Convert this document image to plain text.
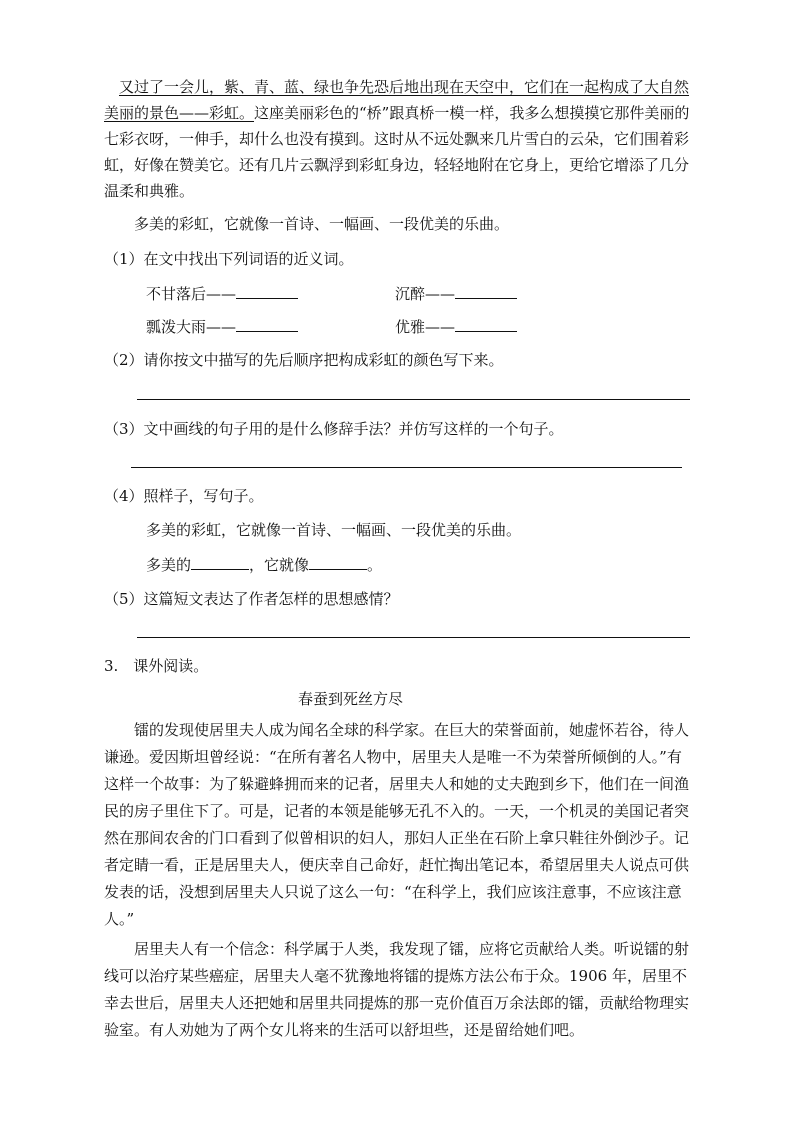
又过了一会儿，紫、青、蓝、绿也争先恐后地出现在天空中，它们在一起构成了大自然美丽的景色——彩虹。这座美丽彩色的“桥”跟真桥一模一样，我多么想摸摸它那件美丽的七彩衣呀，一伸手，却什么也没有摸到。这时从不远处飘来几片雪白的云朵，它们围着彩虹，好像在赞美它。还有几片云飘浮到彩虹身边，轻轻地附在它身上，更给它增添了几分温柔和典雅。

多美的彩虹，它就像一首诗、一幅画、一段优美的乐曲。

（1）在文中找出下列词语的近义词。

不甘落后——	沉醉——

瓢泼大雨——	优雅——

（2）请你按文中描写的先后顺序把构成彩虹的颜色写下来。

（3）文中画线的句子用的是什么修辞手法？并仿写这样的一个句子。

（4）照样子，写句子。

多美的彩虹，它就像一首诗、一幅画、一段优美的乐曲。

多美的	，它就像	。

（5）这篇短文表达了作者怎样的思想感情？

3.　课外阅读。

春蚕到死丝方尽

镭的发现使居里夫人成为闻名全球的科学家。在巨大的荣誉面前，她虚怀若谷，待人谦逊。爱因斯坦曾经说：“在所有著名人物中，居里夫人是唯一不为荣誉所倾倒的人。”有这样一个故事：为了躲避蜂拥而来的记者，居里夫人和她的丈夫跑到乡下，他们在一间渔民的房子里住下了。可是，记者的本领是能够无孔不入的。一天，一个机灵的美国记者突然在那间农舍的门口看到了似曾相识的妇人，那妇人正坐在石阶上拿只鞋往外倒沙子。记者定睛一看，正是居里夫人，便庆幸自己命好，赶忙掏出笔记本，希望居里夫人说点可供发表的话，没想到居里夫人只说了这么一句：“在科学上，我们应该注意事，不应该注意人。”

居里夫人有一个信念：科学属于人类，我发现了镭，应将它贡献给人类。听说镭的射线可以治疗某些癌症，居里夫人毫不犹豫地将镭的提炼方法公布于众。1906 年，居里不幸去世后，居里夫人还把她和居里共同提炼的那一克价值百万余法郎的镭，贡献给物理实验室。有人劝她为了两个女儿将来的生活可以舒坦些，还是留给她们吧。
